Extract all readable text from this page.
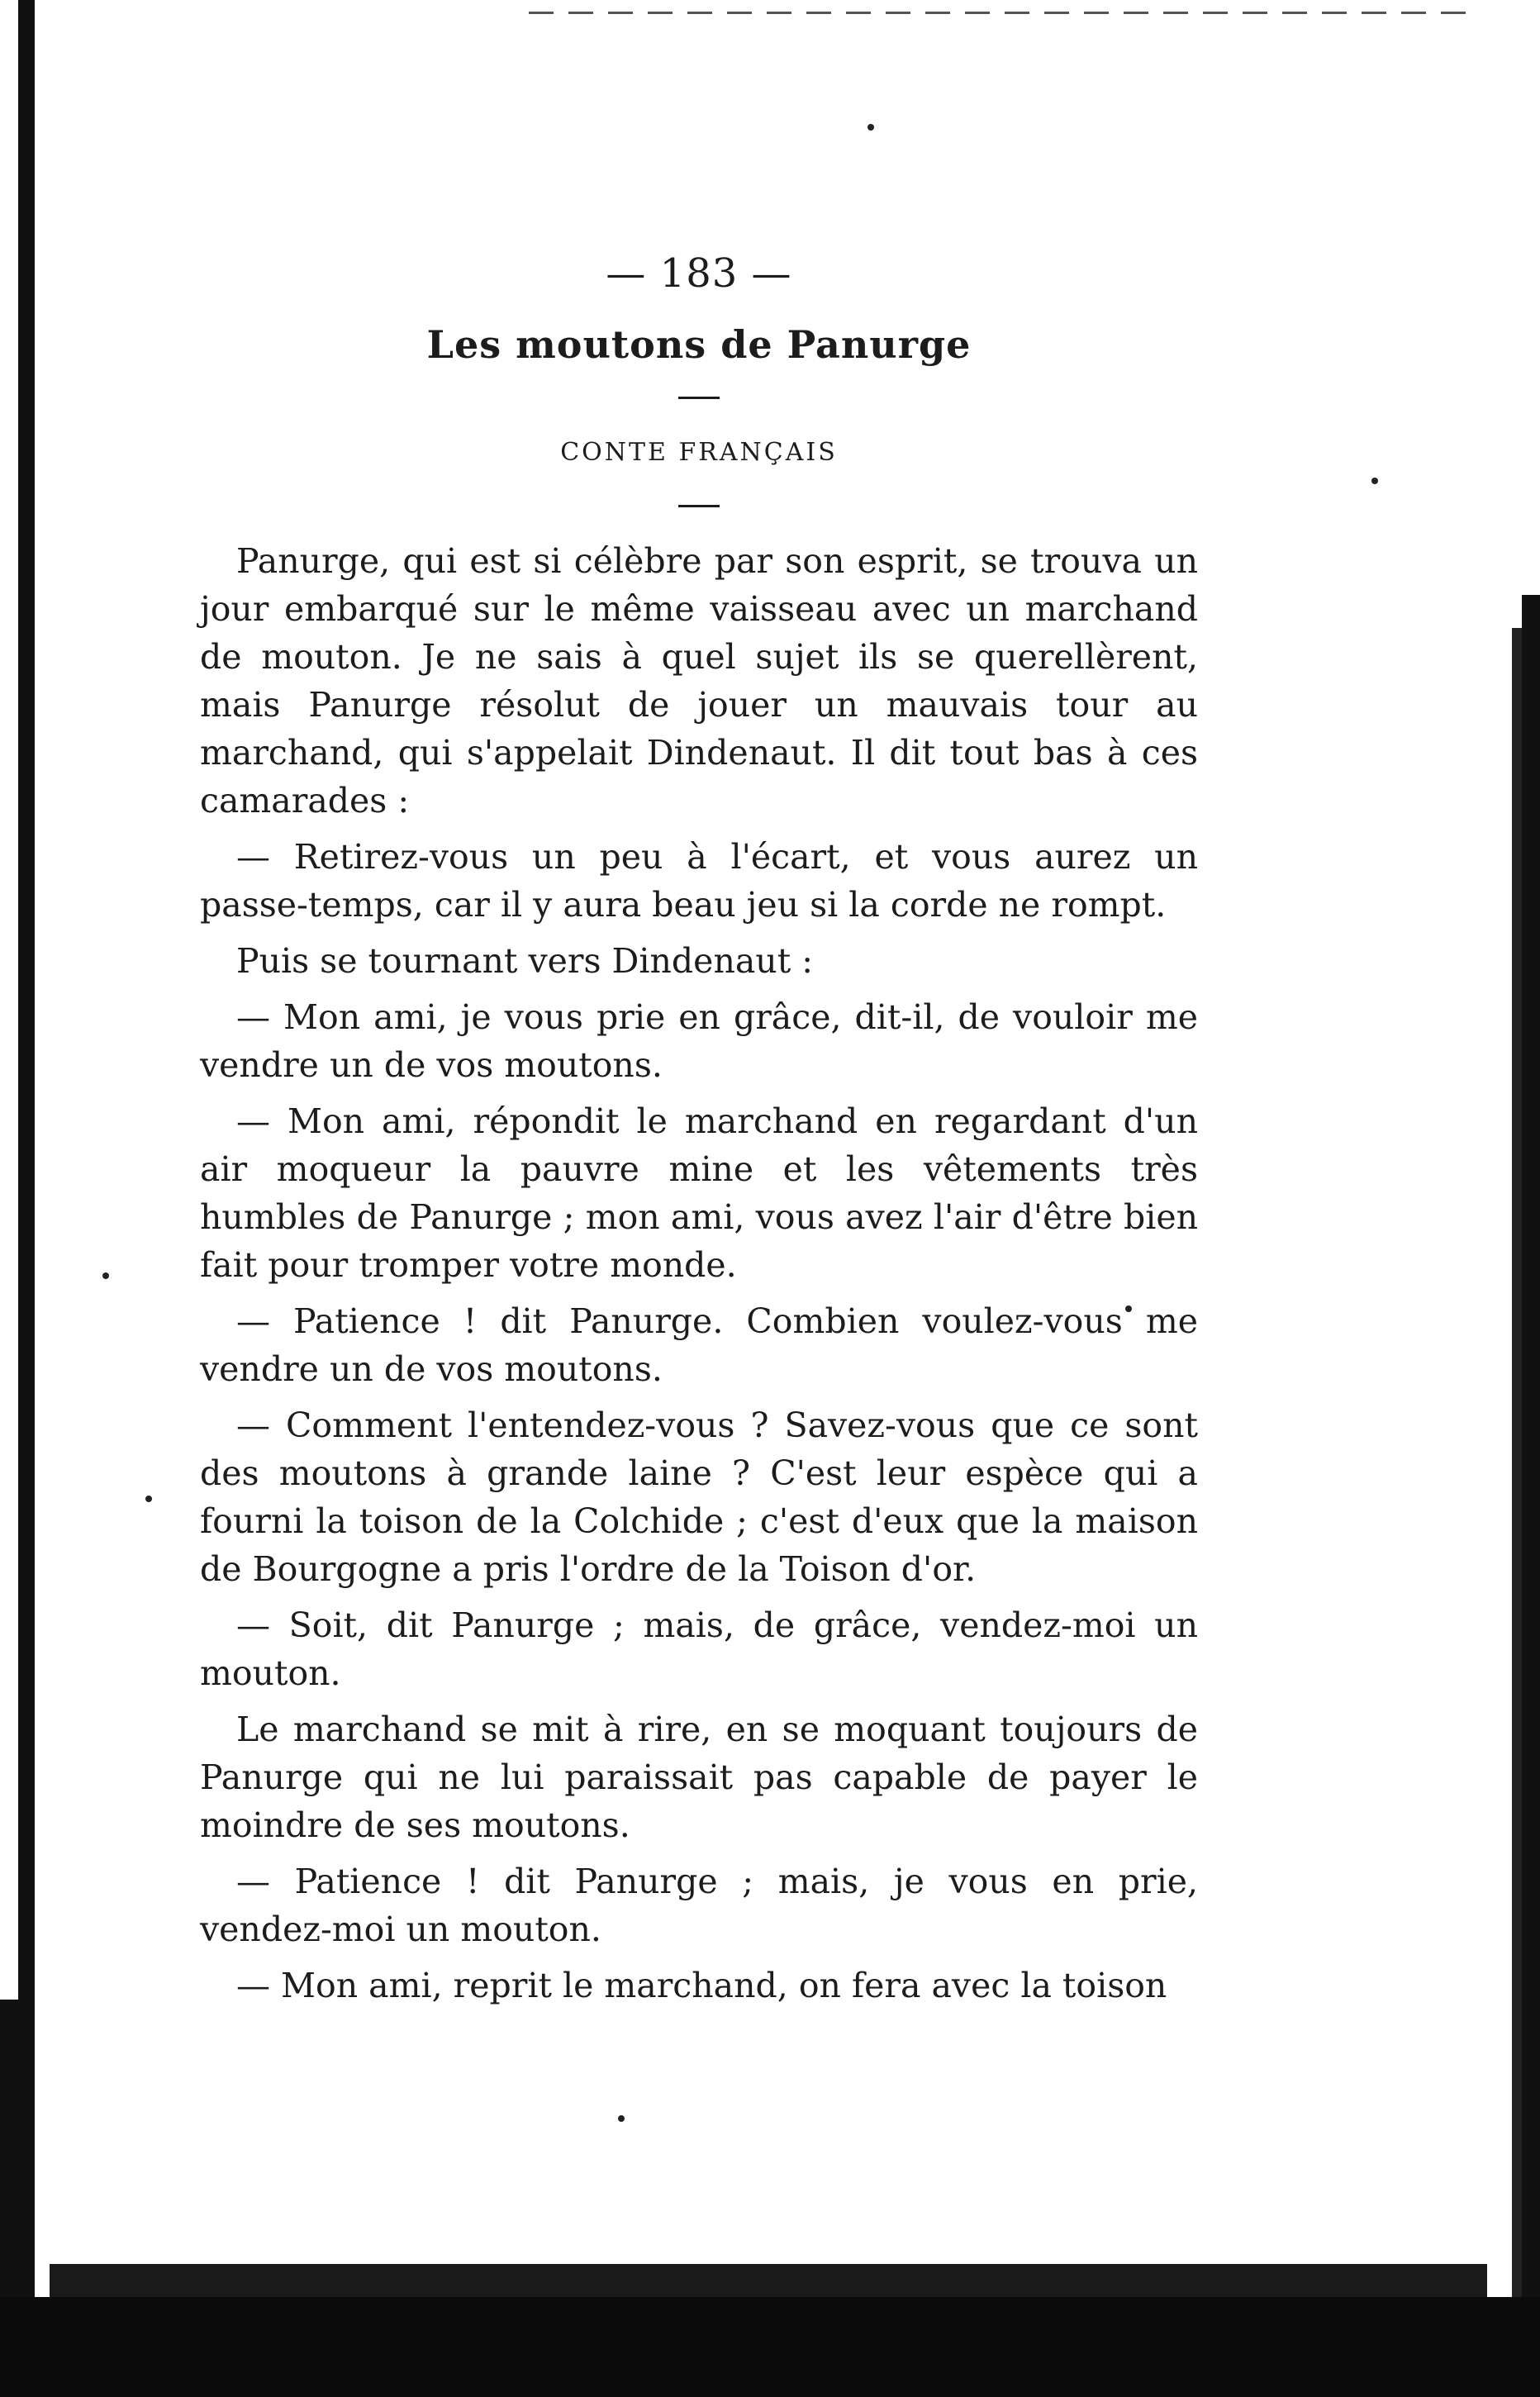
— 183 —
Les moutons de Panurge
CONTE FRANÇAIS

Panurge, qui est si célèbre par son esprit, se trouva un jour embarqué sur le même vaisseau avec un marchand de mouton. Je ne sais à quel sujet ils se querellèrent, mais Panurge résolut de jouer un mauvais tour au marchand, qui s'appelait Dindenaut. Il dit tout bas à ces camarades :

— Retirez-vous un peu à l'écart, et vous aurez un passe-temps, car il y aura beau jeu si la corde ne rompt.

Puis se tournant vers Dindenaut :

— Mon ami, je vous prie en grâce, dit-il, de vouloir me vendre un de vos moutons.

— Mon ami, répondit le marchand en regardant d'un air moqueur la pauvre mine et les vêtements très humbles de Panurge ; mon ami, vous avez l'air d'être bien fait pour tromper votre monde.

— Patience ! dit Panurge. Combien voulez-vous me vendre un de vos moutons.

— Comment l'entendez-vous ? Savez-vous que ce sont des moutons à grande laine ? C'est leur espèce qui a fourni la toison de la Colchide ; c'est d'eux que la maison de Bourgogne a pris l'ordre de la Toison d'or.

— Soit, dit Panurge ; mais, de grâce, vendez-moi un mouton.

Le marchand se mit à rire, en se moquant toujours de Panurge qui ne lui paraissait pas capable de payer le moindre de ses moutons.

— Patience ! dit Panurge ; mais, je vous en prie, vendez-moi un mouton.

— Mon ami, reprit le marchand, on fera avec la toison
